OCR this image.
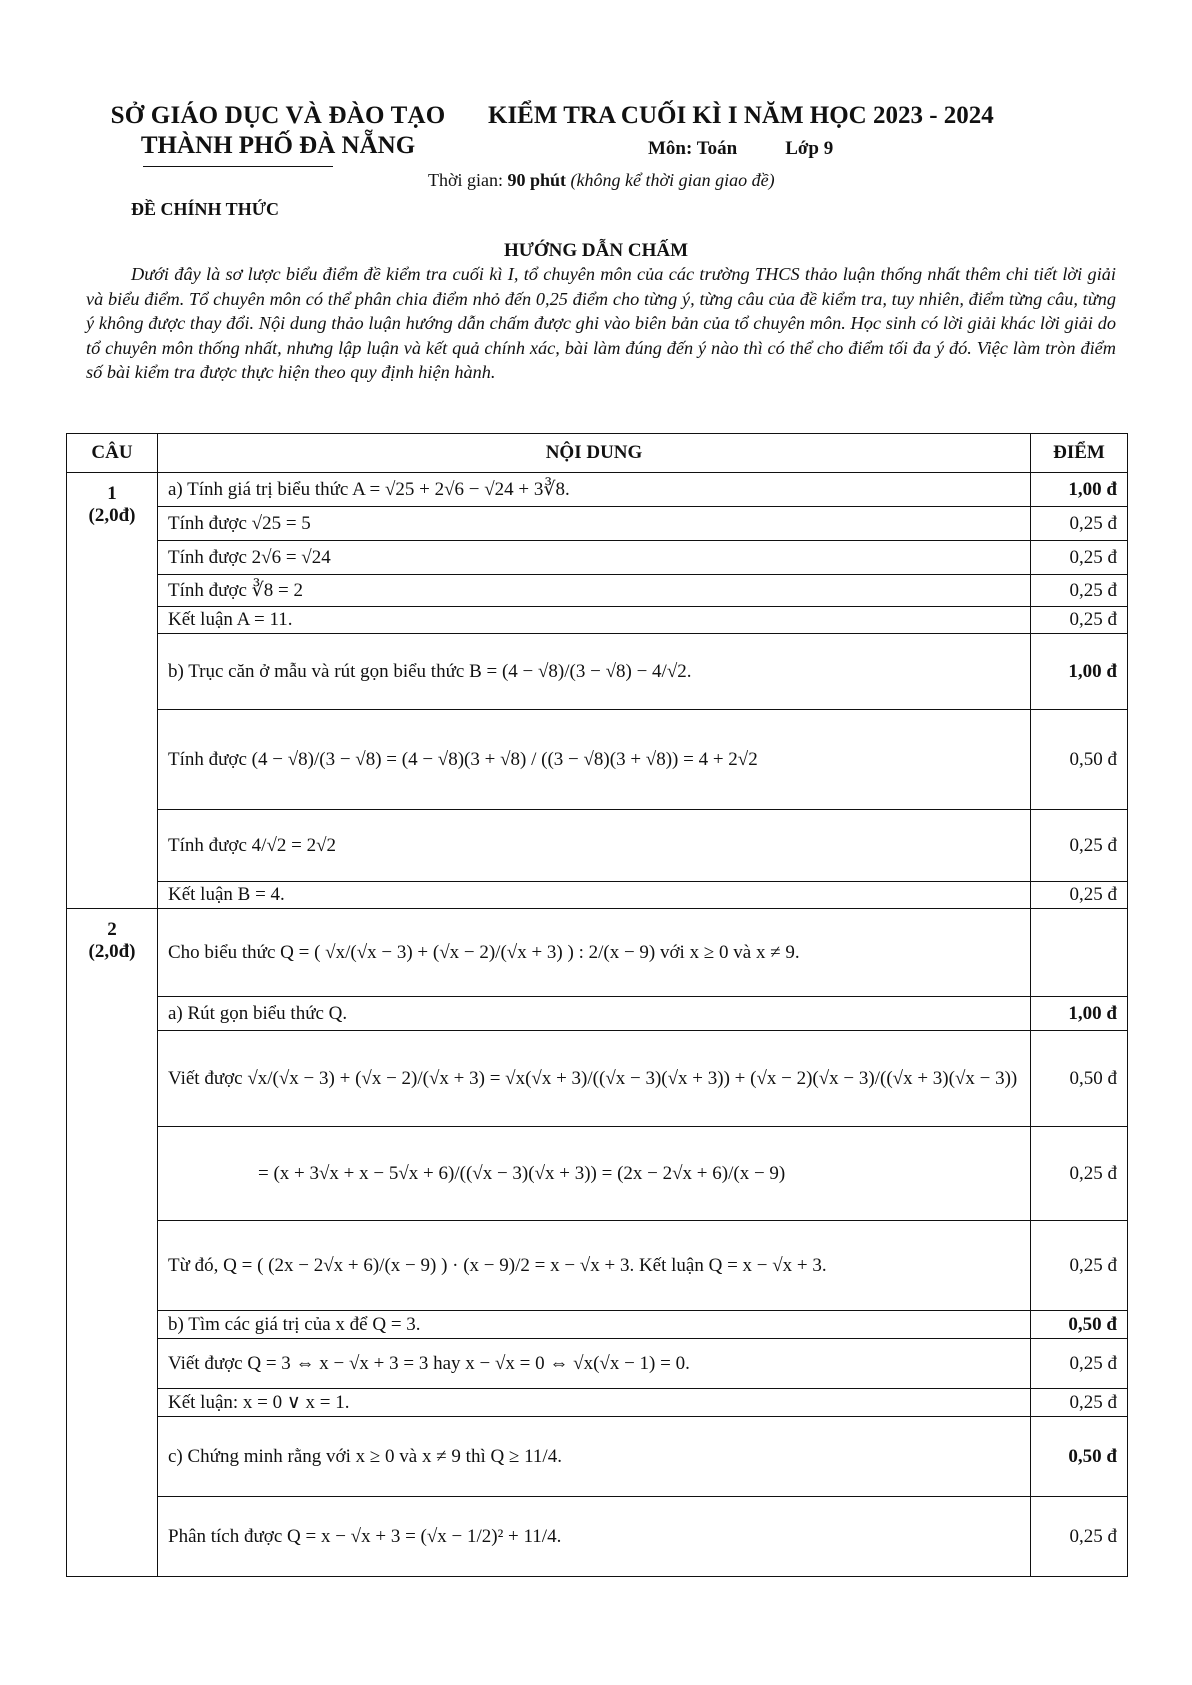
SỞ GIÁO DỤC VÀ ĐÀO TẠO
THÀNH PHỐ ĐÀ NẴNG
KIỂM TRA CUỐI KÌ I NĂM HỌC 2023 - 2024
Môn: Toán	Lớp 9
Thời gian: 90 phút (không kể thời gian giao đề)
ĐỀ CHÍNH THỨC
HƯỚNG DẪN CHẤM
Dưới đây là sơ lược biểu điểm đề kiểm tra cuối kì I, tổ chuyên môn của các trường THCS thảo luận thống nhất thêm chi tiết lời giải và biểu điểm. Tổ chuyên môn có thể phân chia điểm nhỏ đến 0,25 điểm cho từng ý, từng câu của đề kiểm tra, tuy nhiên, điểm từng câu, từng ý không được thay đổi. Nội dung thảo luận hướng dẫn chấm được ghi vào biên bản của tổ chuyên môn. Học sinh có lời giải khác lời giải do tổ chuyên môn thống nhất, nhưng lập luận và kết quả chính xác, bài làm đúng đến ý nào thì có thể cho điểm tối đa ý đó. Việc làm tròn điểm số bài kiểm tra được thực hiện theo quy định hiện hành.
CÂU	NỘI DUNG	ĐIỂM

1
(2,0đ)	a) Tính giá trị biểu thức A = √25 + 2√6 − √24 + 3∛8.	1,00 đ
	Tính được √25 = 5	0,25 đ
	Tính được 2√6 = √24	0,25 đ
	Tính được ∛8 = 2	0,25 đ
	Kết luận A = 11.	0,25 đ
	b) Trục căn ở mẫu và rút gọn biểu thức B = (4 − √8)/(3 − √8) − 4/√2.	1,00 đ
	Tính được (4 − √8)/(3 − √8) = (4 − √8)(3 + √8) / ((3 − √8)(3 + √8)) = 4 + 2√2	0,50 đ
	Tính được 4/√2 = 2√2	0,25 đ
	Kết luận B = 4.	0,25 đ

2
(2,0đ)	Cho biểu thức Q = ( √x/(√x − 3) + (√x − 2)/(√x + 3) ) : 2/(x − 9) với x ≥ 0 và x ≠ 9.	
	a) Rút gọn biểu thức Q.	1,00 đ
	Viết được √x/(√x − 3) + (√x − 2)/(√x + 3) = √x(√x + 3)/((√x − 3)(√x + 3)) + (√x − 2)(√x − 3)/((√x + 3)(√x − 3))	0,50 đ
	= (x + 3√x + x − 5√x + 6)/((√x − 3)(√x + 3)) = (2x − 2√x + 6)/(x − 9)	0,25 đ
	Từ đó, Q = ( (2x − 2√x + 6)/(x − 9) ) · (x − 9)/2 = x − √x + 3. Kết luận Q = x − √x + 3.	0,25 đ
	b) Tìm các giá trị của x để Q = 3.	0,50 đ
	Viết được Q = 3 ⇔ x − √x + 3 = 3 hay x − √x = 0 ⇔ √x(√x − 1) = 0.	0,25 đ
	Kết luận: x = 0 ∨ x = 1.	0,25 đ
	c) Chứng minh rằng với x ≥ 0 và x ≠ 9 thì Q ≥ 11/4.	0,50 đ
	Phân tích được Q = x − √x + 3 = (√x − 1/2)² + 11/4.	0,25 đ
